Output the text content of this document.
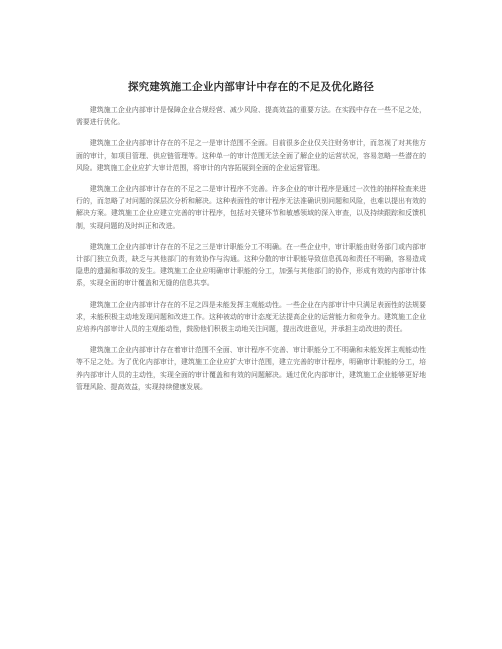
探究建筑施工企业内部审计中存在的不足及优化路径

建筑施工企业内部审计是保障企业合规经营、减少风险、提高效益的重要方法。在实践中存在一些不足之处，需要进行优化。

建筑施工企业内部审计存在的不足之一是审计范围不全面。目前很多企业仅关注财务审计，而忽视了对其他方面的审计，如项目管理、供应链管理等。这种单一的审计范围无法全面了解企业的运营状况，容易忽略一些潜在的风险。建筑施工企业应扩大审计范围，将审计的内容拓展到全面的企业运营管理。

建筑施工企业内部审计存在的不足之二是审计程序不完善。许多企业的审计程序是通过一次性的抽样检查来进行的，而忽略了对问题的深层次分析和解决。这种表面性的审计程序无法准确识别问题和风险，也难以提出有效的解决方案。建筑施工企业应建立完善的审计程序，包括对关键环节和敏感领域的深入审查，以及持续跟踪和反馈机制，实现问题的及时纠正和改进。

建筑施工企业内部审计存在的不足之三是审计职能分工不明确。在一些企业中，审计职能由财务部门或内部审计部门独立负责，缺乏与其他部门的有效协作与沟通。这种分散的审计职能导致信息孤岛和责任不明确，容易造成隐患的遗漏和事故的发生。建筑施工企业应明确审计职能的分工，加强与其他部门的协作，形成有效的内部审计体系，实现全面的审计覆盖和无缝的信息共享。

建筑施工企业内部审计存在的不足之四是未能发挥主观能动性。一些企业在内部审计中只满足表面性的法规要求，未能积极主动地发现问题和改进工作。这种被动的审计态度无法提高企业的运营能力和竞争力。建筑施工企业应培养内部审计人员的主观能动性，鼓励他们积极主动地关注问题，提出改进意见，并承担主动改进的责任。

建筑施工企业内部审计存在着审计范围不全面、审计程序不完善、审计职能分工不明确和未能发挥主观能动性等不足之处。为了优化内部审计，建筑施工企业应扩大审计范围，建立完善的审计程序，明确审计职能的分工，培养内部审计人员的主动性，实现全面的审计覆盖和有效的问题解决。通过优化内部审计，建筑施工企业能够更好地管理风险、提高效益，实现持续健康发展。
